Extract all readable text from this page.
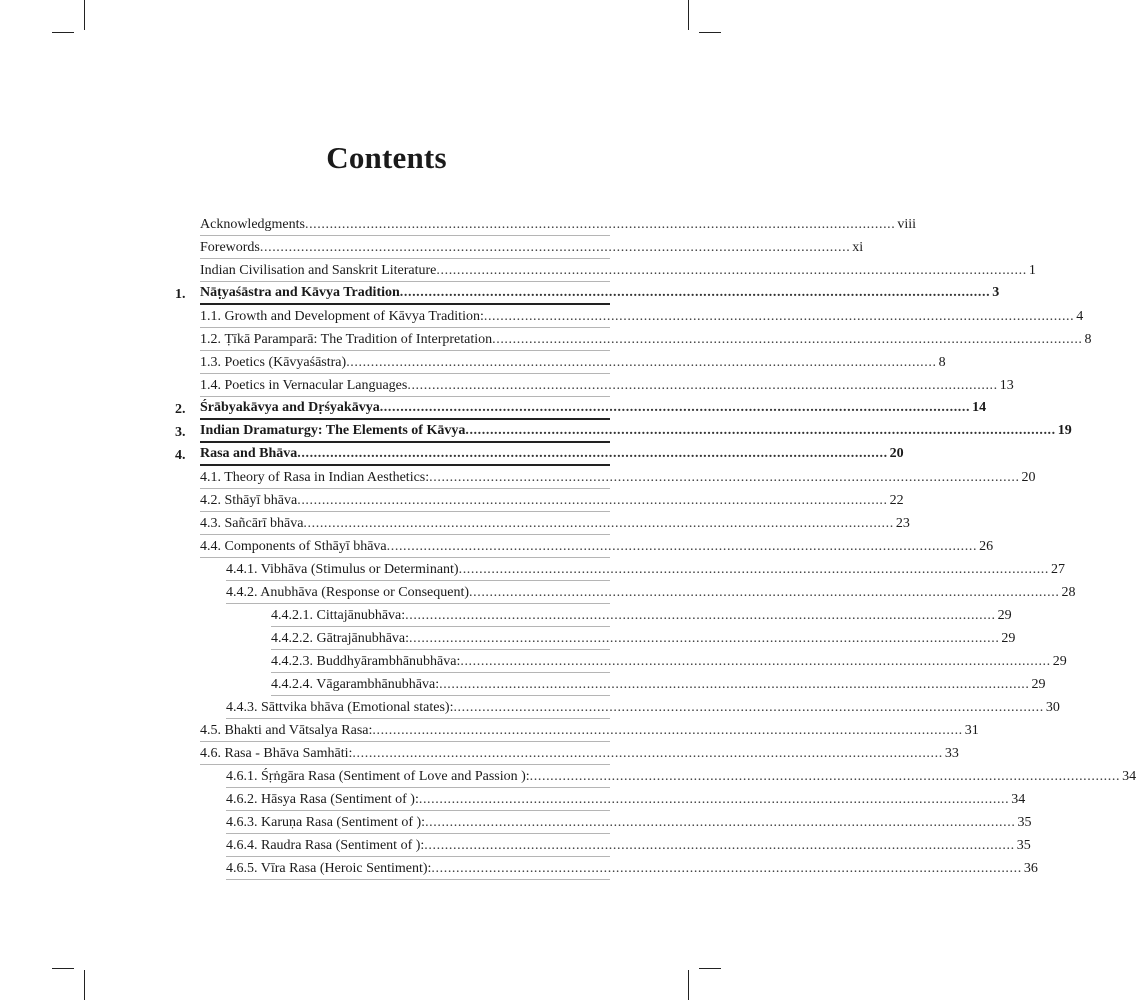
Contents
Acknowledgments ................................................................................................................................................ viii
Forewords ................................................................................................................................................ xi
Indian Civilisation and Sanskrit Literature ................................................................................................................................................ 1
1. Nāṭyaśāstra and Kāvya Tradition ................................................................................................................................................ 3
1.1. Growth and Development of Kāvya Tradition: ................................................................................................................................................ 4
1.2. Ṭīkā Paramparā: The Tradition of Interpretation ................................................................................................................................................ 8
1.3. Poetics (Kāvyaśāstra) ................................................................................................................................................ 8
1.4. Poetics in Vernacular Languages ................................................................................................................................................ 13
2. Śrābyakāvya and Dṛśyakāvya ................................................................................................................................................ 14
3. Indian Dramaturgy: The Elements of Kāvya ................................................................................................................................................ 19
4. Rasa and Bhāva ................................................................................................................................................ 20
4.1. Theory of Rasa in Indian Aesthetics: ................................................................................................................................................ 20
4.2. Sthāyī bhāva ................................................................................................................................................ 22
4.3. Sañcārī bhāva ................................................................................................................................................ 23
4.4. Components of Sthāyī bhāva ................................................................................................................................................ 26
4.4.1. Vibhāva (Stimulus or Determinant) ................................................................................................................................................ 27
4.4.2. Anubhāva (Response or Consequent) ................................................................................................................................................ 28
4.4.2.1. Cittajānubhāva: ................................................................................................................................................ 29
4.4.2.2. Gātrajānubhāva: ................................................................................................................................................ 29
4.4.2.3. Buddhyārambhānubhāva: ................................................................................................................................................ 29
4.4.2.4. Vāgarambhānubhāva: ................................................................................................................................................ 29
4.4.3. Sāttvika bhāva (Emotional states): ................................................................................................................................................ 30
4.5. Bhakti and Vātsalya Rasa: ................................................................................................................................................ 31
4.6. Rasa - Bhāva Samhāti: ................................................................................................................................................ 33
4.6.1. Śṛṅgāra Rasa (Sentiment of Love and Passion ): ................................................................................................................................................ 34
4.6.2. Hāsya Rasa (Sentiment of ): ................................................................................................................................................ 34
4.6.3. Karuṇa Rasa (Sentiment of ): ................................................................................................................................................ 35
4.6.4. Raudra Rasa (Sentiment of ): ................................................................................................................................................ 35
4.6.5. Vīra Rasa (Heroic Sentiment): ................................................................................................................................................ 36
